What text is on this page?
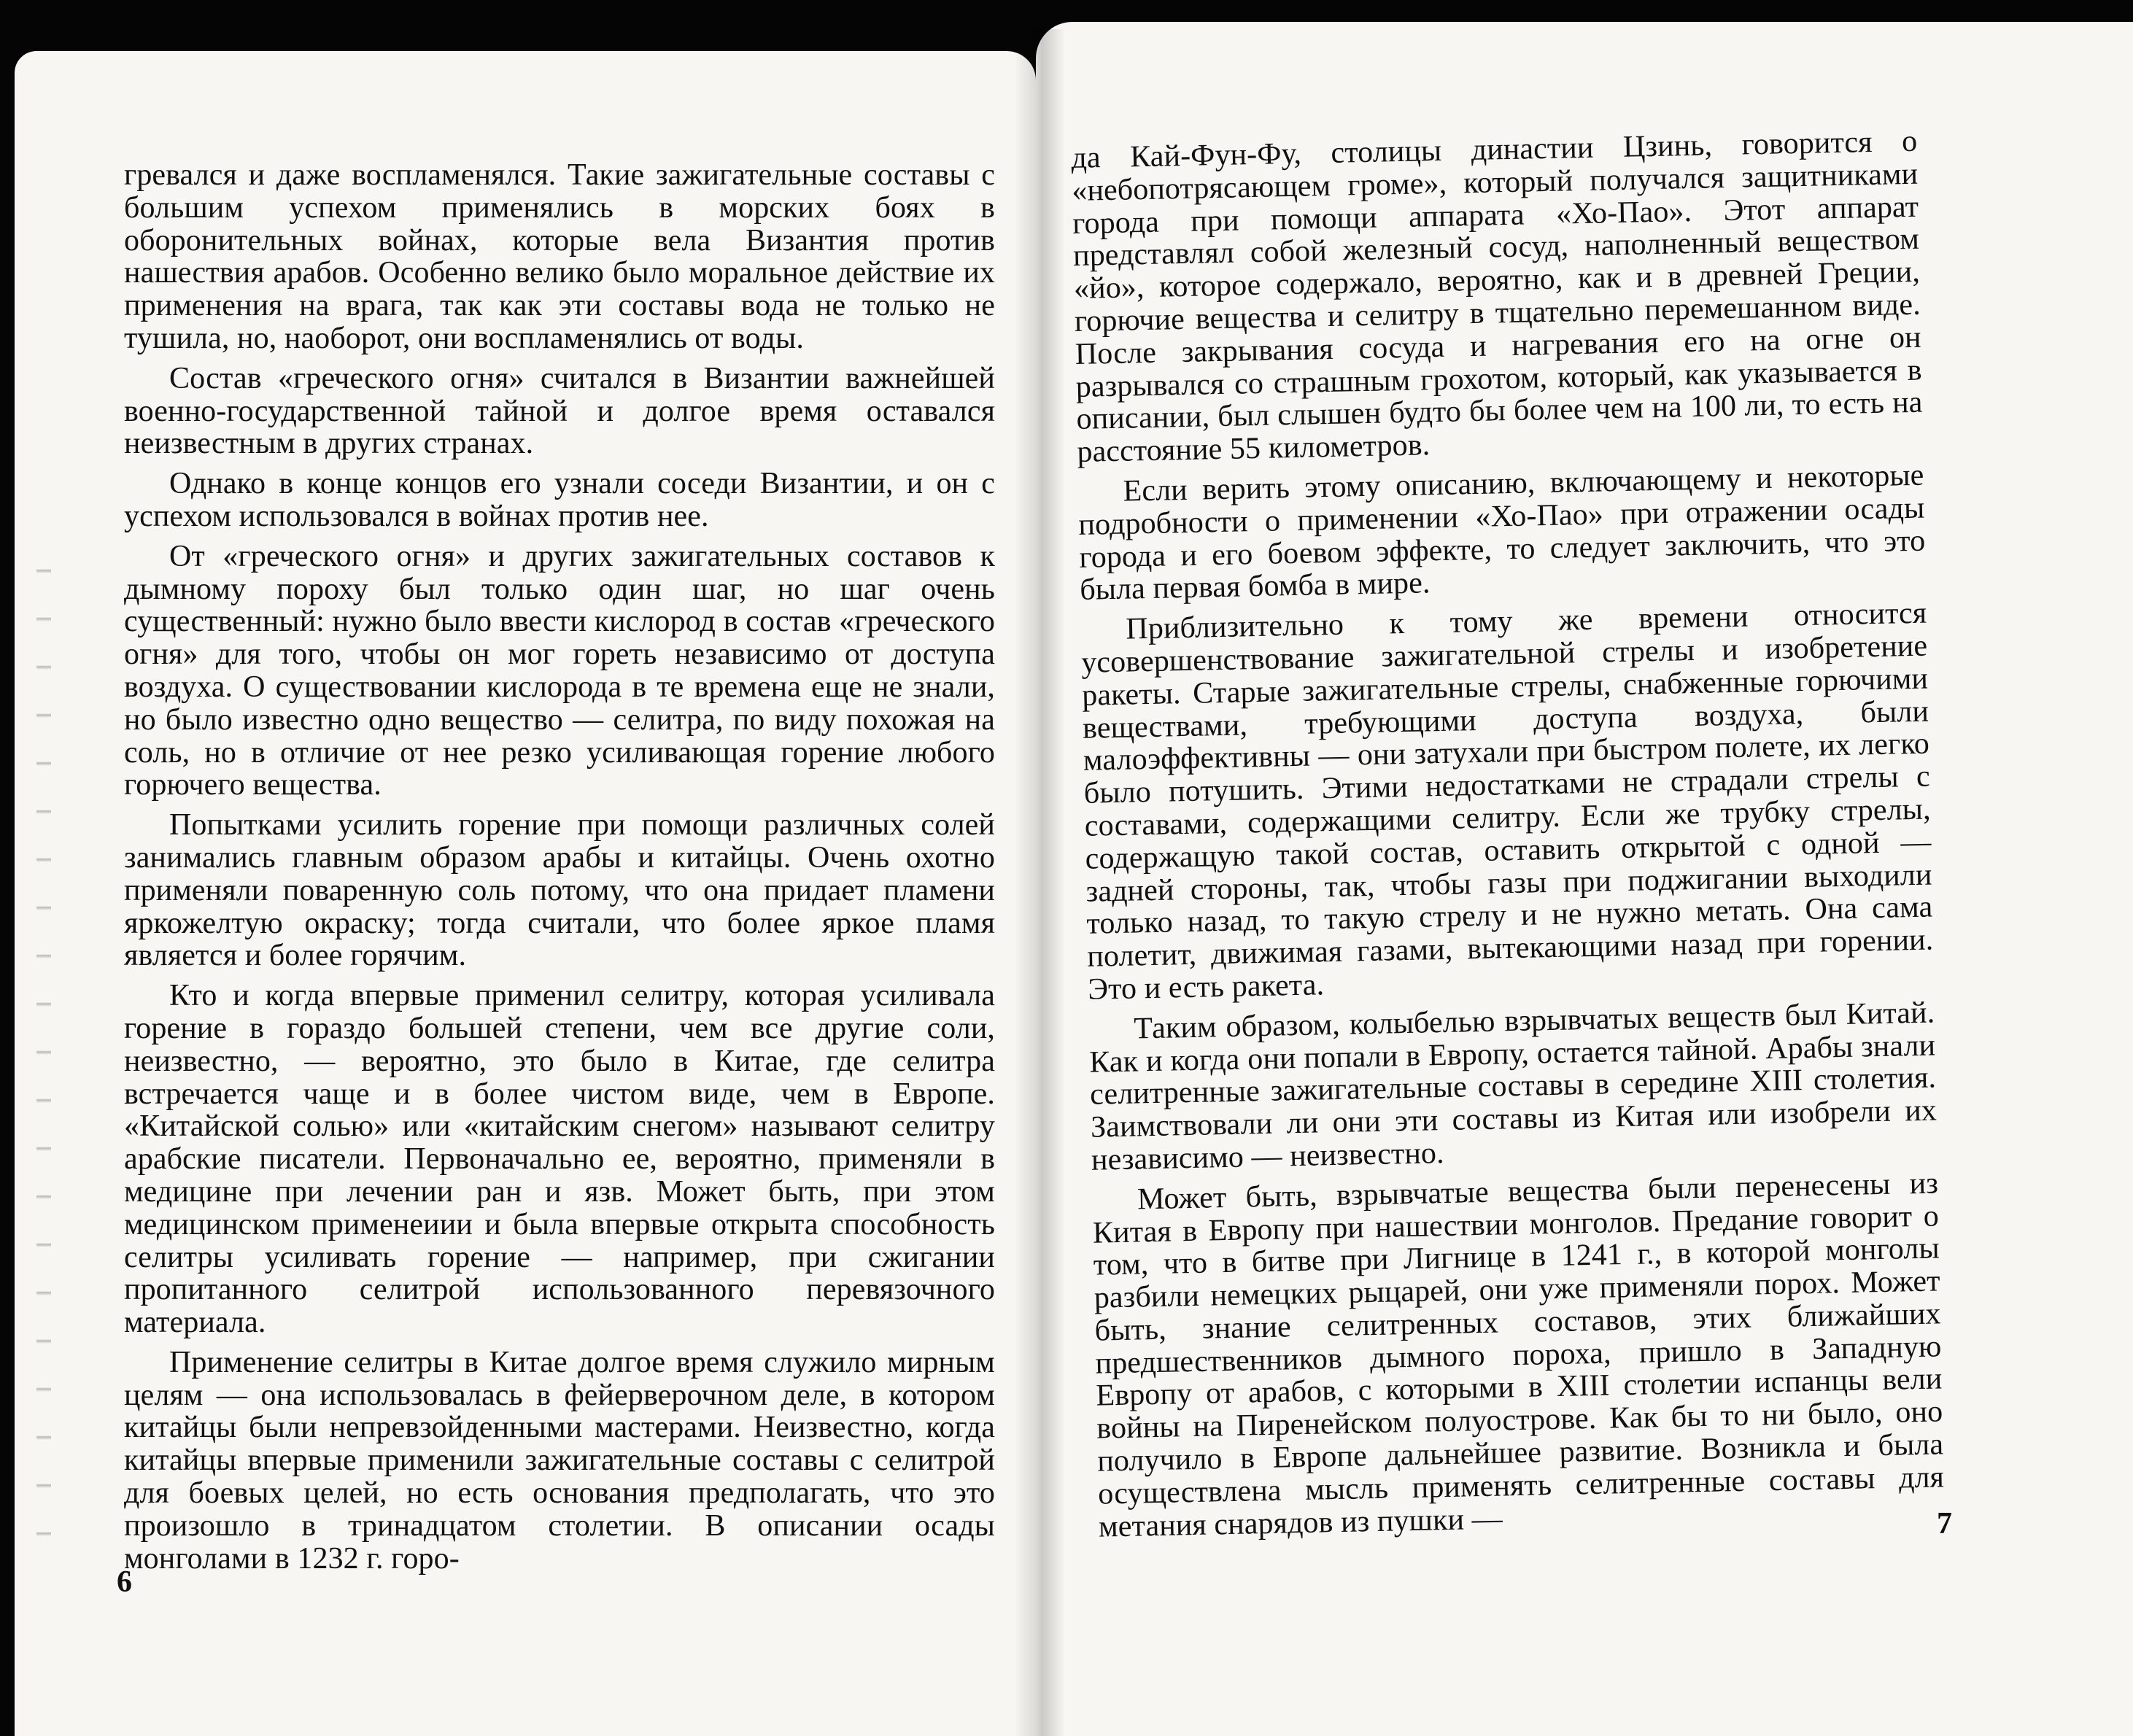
гревался и даже воспламенялся. Такие зажигательные составы с большим успехом применялись в морских боях в оборонительных войнах, которые вела Византия против нашествия арабов. Особенно велико было моральное действие их применения на врага, так как эти составы вода не только не тушила, но, наоборот, они воспламенялись от воды.

Состав «греческого огня» считался в Византии важнейшей военно-государственной тайной и долгое время оставался неизвестным в других странах.

Однако в конце концов его узнали соседи Византии, и он с успехом использовался в войнах против нее.

От «греческого огня» и других зажигательных составов к дымному пороху был только один шаг, но шаг очень существенный: нужно было ввести кислород в состав «греческого огня» для того, чтобы он мог гореть независимо от доступа воздуха. О существовании кислорода в те времена еще не знали, но было известно одно вещество — селитра, по виду похожая на соль, но в отличие от нее резко усиливающая горение любого горючего вещества.

Попытками усилить горение при помощи различных солей занимались главным образом арабы и китайцы. Очень охотно применяли поваренную соль потому, что она придает пламени яркожелтую окраску; тогда считали, что более яркое пламя является и более горячим.

Кто и когда впервые применил селитру, которая усиливала горение в гораздо большей степени, чем все другие соли, неизвестно, — вероятно, это было в Китае, где селитра встречается чаще и в более чистом виде, чем в Европе. «Китайской солью» или «китайским снегом» называют селитру арабские писатели. Первоначально ее, вероятно, применяли в медицине при лечении ран и язв. Может быть, при этом медицинском применеиии и была впервые открыта способность селитры усиливать горение — например, при сжигании пропитанного селитрой использованного перевязочного материала.

Применение селитры в Китае долгое время служило мирным целям — она использовалась в фейерверочном деле, в котором китайцы были непревзойденными мастерами. Неизвестно, когда китайцы впервые применили зажигательные составы с селитрой для боевых целей, но есть основания предполагать, что это произошло в тринадцатом столетии. В описании осады монголами в 1232 г. горо-

6

да Кай-Фун-Фу, столицы династии Цзинь, говорится о «небопотрясающем громе», который получался защитниками города при помощи аппарата «Хо-Пао». Этот аппарат представлял собой железный сосуд, наполненный веществом «йо», которое содержало, вероятно, как и в древней Греции, горючие вещества и селитру в тщательно перемешанном виде. После закрывания сосуда и нагревания его на огне он разрывался со страшным грохотом, который, как указывается в описании, был слышен будто бы более чем на 100 ли, то есть на расстояние 55 километров.

Если верить этому описанию, включающему и некоторые подробности о применении «Хо-Пао» при отражении осады города и его боевом эффекте, то следует заключить, что это была первая бомба в мире.

Приблизительно к тому же времени относится усовершенствование зажигательной стрелы и изобретение ракеты. Старые зажигательные стрелы, снабженные горючими веществами, требующими доступа воздуха, были малоэффективны — они затухали при быстром полете, их легко было потушить. Этими недостатками не страдали стрелы с составами, содержащими селитру. Если же трубку стрелы, содержащую такой состав, оставить открытой с одной — задней стороны, так, чтобы газы при поджигании выходили только назад, то такую стрелу и не нужно метать. Она сама полетит, движимая газами, вытекающими назад при горении. Это и есть ракета.

Таким образом, колыбелью взрывчатых веществ был Китай. Как и когда они попали в Европу, остается тайной. Арабы знали селитренные зажигательные составы в середине XIII столетия. Заимствовали ли они эти составы из Китая или изобрели их независимо — неизвестно.

Может быть, взрывчатые вещества были перенесены из Китая в Европу при нашествии монголов. Предание говорит о том, что в битве при Лигнице в 1241 г., в которой монголы разбили немецких рыцарей, они уже применяли порох. Может быть, знание селитренных составов, этих ближайших предшественников дымного пороха, пришло в Западную Европу от арабов, с которыми в XIII столетии испанцы вели войны на Пиренейском полуострове. Как бы то ни было, оно получило в Европе дальнейшее развитие. Возникла и была осуществлена мысль применять селитренные составы для метания снарядов из пушки —	7
